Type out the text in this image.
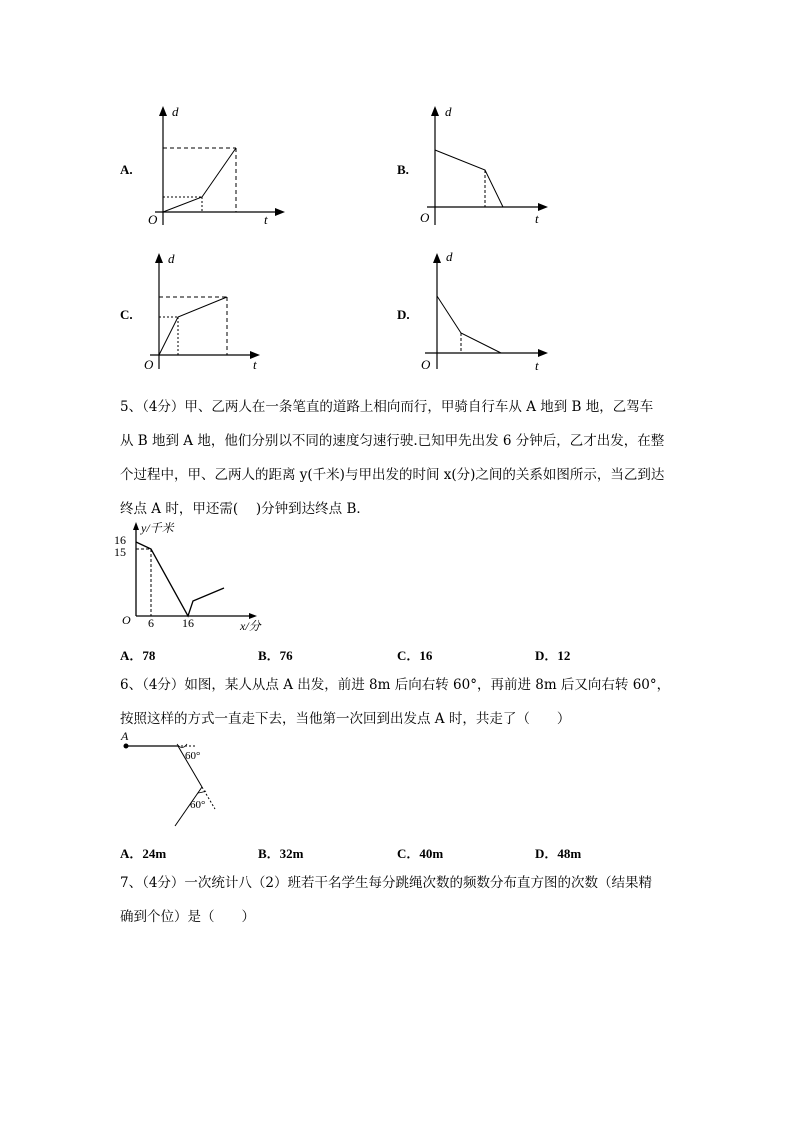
A.
d
O	t
B.
d
O	t
C.
d
O	t
D.
d
O	t
5、（4分）甲、乙两人在一条笔直的道路上相向而行，甲骑自行车从 A 地到 B 地，乙驾车
从 B 地到 A 地，他们分别以不同的速度匀速行驶.已知甲先出发 6 分钟后，乙才出发，在整
个过程中，甲、乙两人的距离 y(千米)与甲出发的时间 x(分)之间的关系如图所示，当乙到达
终点 A 时，甲还需(　 )分钟到达终点 B．
16
15
y/千米
O 6 16	x/分
A．78	B．76	C．16	D．12
6、（4分）如图，某人从点 A 出发，前进 8m 后向右转 60°，再前进 8m 后又向右转 60°，
按照这样的方式一直走下去，当他第一次回到出发点 A 时，共走了（　　）
A
60°
60°
A．24m	B．32m	C．40m	D．48m
7、（4分）一次统计八（2）班若干名学生每分跳绳次数的频数分布直方图的次数（结果精
确到个位）是（　　）
